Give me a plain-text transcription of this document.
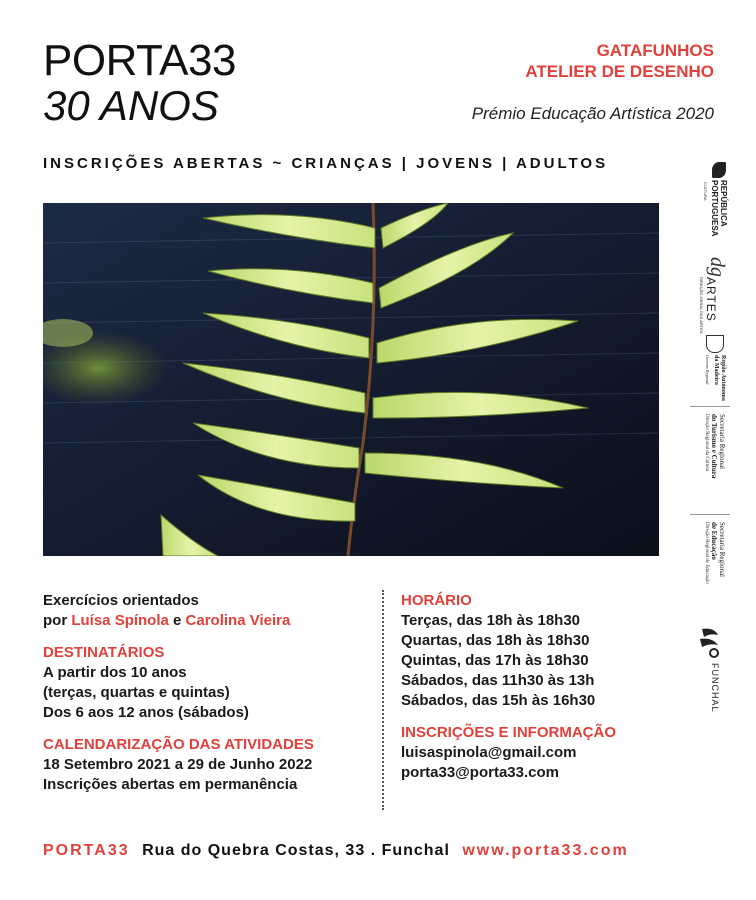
PORTA33
30 ANOS
GATAFUNHOS
ATELIER DE DESENHO
Prémio Educação Artística 2020
INSCRIÇÕES ABERTAS ~ CRIANÇAS | JOVENS | ADULTOS
REPÚBLICA
PORTUGUESA
CULTURA
dg
ARTES
DIREÇÃO-GERAL DAS ARTES
Região Autónoma
da Madeira
Governo Regional
Secretaria Regional
do Turismo e Cultura
Direção Regional da Cultura
Secretaria Regional
de Educação
Direção Regional de Educação
FUNCHAL

Exercícios orientados

por Luísa Spínola e Carolina Vieira

DESTINATÁRIOS

A partir dos 10 anos

(terças, quartas e quintas)

Dos 6 aos 12 anos (sábados)

CALENDARIZAÇÃO DAS ATIVIDADES

18 Setembro 2021 a 29 de Junho 2022

Inscrições abertas em permanência

HORÁRIO

Terças, das 18h às 18h30

Quartas, das 18h às 18h30

Quintas, das 17h às 18h30

Sábados, das 11h30 às 13h

Sábados, das 15h às 16h30

INSCRIÇÕES E INFORMAÇÃO

luisaspinola@gmail.com

porta33@porta33.com

PORTA33 Rua do Quebra Costas, 33 . Funchal www.porta33.com
